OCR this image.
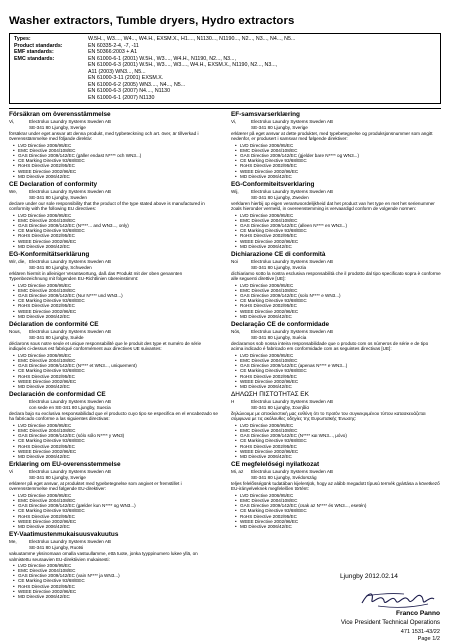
Washer extractors, Tumble dryers, Hydro extractors
Types:	W.5H.., W3...., W4..., W4.H., EXSM.X., H1...., N1130..., N1190..., N2..., N3..., N4..., N5...
Product standards:	EN 60335-2-4, -7, -11
EMF standards:	EN 50366:2003 + A1
EMC standards:	EN 61000-6-1 (2001) W.5H., W3...., W4.H., N1190, N2..., N3...,
EN 61000-6-3 (2001) W.5H., W3...., W3...., W4.H., EXSM.X., N1190, N2..., N3...,
A11 (2003) WN3..., N5...
EN 61000-3-11 (2001) EXSM.X.
EN 61000-6-2 (2005) WN3...., N4..., N5...
EN 61000-6-3 (2007) N4...., N1130
EN 61000-6-1 (2007) N1130
Försäkran om överensstämmelse
Vi,	Electrolux Laundry Systems Sweden AB
SE-341 80 Ljungby, Sverige
försäkrar under eget ansvar att denna produkt, med typbeteckning och art. över, är tillverkad i överensstämmelse med följande direktiv:
• LVD Directive 2006/95/EC
• EMC Directive 2004/108/EC
• GAS Directive 2009/142/EC (gäller endast N**** och WN3...)
• CE Marking Directive 93/68/EEC
• RoHS Directive 2002/95/EC
• WEEE Directive 2002/96/EC
• MD Directive 2006/42/EC
CE Declaration of conformity
We,	Electrolux Laundry Systems Sweden AB
SE-341 80 Ljungby, Sweden
declare under our sole responsibility that the product of the type stated above is manufactured in conformity with the following EU directives:
• LVD Directive 2006/95/EC
• EMC Directive 2004/108/EC
• GAS Directive 2009/142/EC (N****... and WN3..., only)
• CE Marking Directive 93/68/EEC
• RoHS Directive 2002/95/EC
• WEEE Directive 2002/96/EC
• MD Directive 2006/42/EC
EG-Konformitätserklärung
Wir, die, Electrolux Laundry Systems Sweden AB
SE-341 80 Ljungby, Schweden
erklären hiermit in alleiniger Verantwortung, daß das Produkt mit der oben genannten Typenbezeichnung mit folgenden EU-Richtlinien übereinstimmt:
• LVD Directive 2006/95/EC
• EMC Directive 2004/108/EC
• GAS Directive 2009/142/EC (Nur N**** und WN3...)
• CE Marking Directive 93/68/EEC
• RoHS Directive 2002/95/EC
• WEEE Directive 2002/96/EC
• MD Directive 2006/42/EC
Déclaration de conformité CE
Nous,	Electrolux Laundry Systems Sweden AB
SE-341 80 Ljungby, Suède
déclarons sous notre seule et unique responsabilité que le produit des type et numéro de série indiqués ci-dessus est fabriqué conformément aux directives UE suivantes:
• LVD Directive 2006/95/EC
• EMC Directive 2004/108/EC
• GAS Directive 2009/142/EC (N**** et WN3..., uniquement)
• CE Marking Directive 93/68/EEC
• RoHS Directive 2002/95/EC
• WEEE Directive 2002/96/EC
• MD Directive 2006/42/EC
Declaración de conformidad CE
Electrolux Laundry Systems Sweden AB
con sede en SE-341 80 Ljungby, Suecia
declara bajo su exclusiva responsabilidad que el producto cuyo tipo se especifica en el encabezado se ha fabricado conforme a las siguientes directivas:
• LVD Directive 2006/95/EC
• EMC Directive 2004/108/EC
• GAS Directive 2009/142/EC (sólo sólo N**** y WN3)
• CE Marking Directive 93/68/EEC
• RoHS Directive 2002/95/EC
• WEEE Directive 2002/96/EC
• MD Directive 2006/42/EC
Erklæring om EU-overensstemmelse
Vi	Electrolux Laundry Systems Sweden AB
SE-341 80 Ljungby, Sverige
erklærer på eget ansvar, at produktet med typebetegnelse som angivet er fremstillet i overensstemmelse med følgende EU-direktiver:
• LVD Directive 2006/95/EC
• EMC Directive 2004/108/EC
• GAS Directive 2009/142/EC (gælder kun N**** og WN3...)
• CE Marking Directive 93/68/EEC
• RoHS Directive 2002/95/EC
• WEEE Directive 2002/96/EC
• MD Directive 2006/42/EC
EY-Vaatimustenmukaisuusvakuutus
Me,	Electrolux Laundry Systems Sweden AB
SE-341 80 Ljungby, Ruotsi
vakuutamme yksinomaan omalla vastuullamme, että tuote, jonka tyyppinumero lukee yllä, on valmistettu seuraavien EU-direktiivien mukaisesti:
• LVD Directive 2006/95/EC
• EMC Directive 2004/108/EC
• GAS Directive 2009/142/EC (vain N**** ja WN3...)
• CE Marking Directive 93/68/EEC
• RoHS Directive 2002/95/EC
• WEEE Directive 2002/96/EC
• MD Directive 2006/42/EC
EF-samsvarserklæring
Vi,	Electrolux Laundry Systems Sweden AB
SE-341 80 Ljungby, Sverige
erklærer på eget ansvar at dette produktet, med typebetegnelse og produksjonsnummer som angitt nedenfor, er produsert i samsvar med følgende direktiver:
• LVD Directive 2006/95/EC
• EMC Directive 2004/108/EC
• GAS Directive 2009/142/EC (gjelder bare N**** og WN3...)
• CE Marking Directive 93/68/EEC
• RoHS Directive 2002/95/EC
• WEEE Directive 2002/96/EC
• MD Directive 2006/42/EC
EG-Conformiteitsverklaring
Wij,	Electrolux Laundry Systems Sweden AB
SE-341 80 Ljungby, Zweden
verklaren hierbij op eigen verantwoordelijkheid dat het product van het type en met het serienummer zoals hieronder vermeld, in overeenstemming is vervaardigd conform de volgende normen:
• LVD Directive 2006/95/EC
• EMC Directive 2004/108/EC
• GAS Directive 2009/142/EC (alleen N**** en WN3...)
• CE Marking Directive 93/68/EEC
• RoHS Directive 2002/95/EC
• WEEE Directive 2002/96/EC
• MD Directive 2006/42/EC
Dichiarazione CE di conformità
Noi	Electrolux Laundry Systems Sweden AB
SE-341 80 Ljungby, Svezia
dichiariamo sotto la nostra esclusiva responsabilità che il prodotto dal tipo specificato sopra è conforme alle seguenti direttive [UE]:
• LVD Directive 2006/95/EC
• EMC Directive 2004/108/EC
• GAS Directive 2009/142/EC (solo N**** e WN3...)
• CE Marking Directive 93/68/EEC
• RoHS Directive 2002/95/EC
• WEEE Directive 2002/96/EC
• MD Directive 2006/42/EC
Declaração CE de conformidade
Nós,	Electrolux Laundry Systems Sweden AB
SE-341 80 Ljungby, Suécia
declaramos sob nossa inteira responsabilidade que o produto com os números de série e de tipo acima indicado é fabricado em conformidade com as seguintes directivas [UE]:
• LVD Directive 2006/95/EC
• EMC Directive 2004/108/EC
• GAS Directive 2009/142/EC (apenas N**** e WN3...)
• CE Marking Directive 93/68/EEC
• RoHS Directive 2002/95/EC
• WEEE Directive 2002/96/EC
• MD Directive 2006/42/EC
ΔΗΛΩΣΗ ΠΙΣΤΟΤΗΤΑΣ ΕΚ
Η	Electrolux Laundry Systems Sweden AB
SE-341 80 Ljungby, Σουηδία
δηλώνουμε με αποκλειστική μας ευθύνη ότι το προϊόν του συγκεκριμένου τύπου κατασκευάζεται σύμφωνα με τις ακόλουθες οδηγίες της Ευρωπαϊκής Ένωσης:
• LVD Directive 2006/95/EC
• EMC Directive 2004/108/EC
• GAS Directive 2009/142/EC (N**** και WN3..., μόνο)
• CE Marking Directive 93/68/EEC
• RoHS Directive 2002/95/EC
• WEEE Directive 2002/96/EC
• MD Directive 2006/42/EC
CE megfelelőségi nyilatkozat
Mi, az	Electrolux Laundry Systems Sweden AB
SE-341 80 Ljungby, Svédország
teljes felelősségünk tudatában kijelentjük, hogy az alább megadott típusú termék gyártása a következő EU-irányelveknek megfelelően történt:
• LVD Directive 2006/95/EC
• EMC Directive 2004/108/EC
• GAS Directive 2009/142/EC (csak az N**** és WN3..., esetén)
• CE Marking Directive 93/68/EEC
• RoHS Directive 2002/95/EC
• WEEE Directive 2002/96/EC
• MD Directive 2006/42/EC
Ljungby 2012.02.14
Franco Panno
Vice President Technical Operations
471 1531-43/22
Page 1/2
